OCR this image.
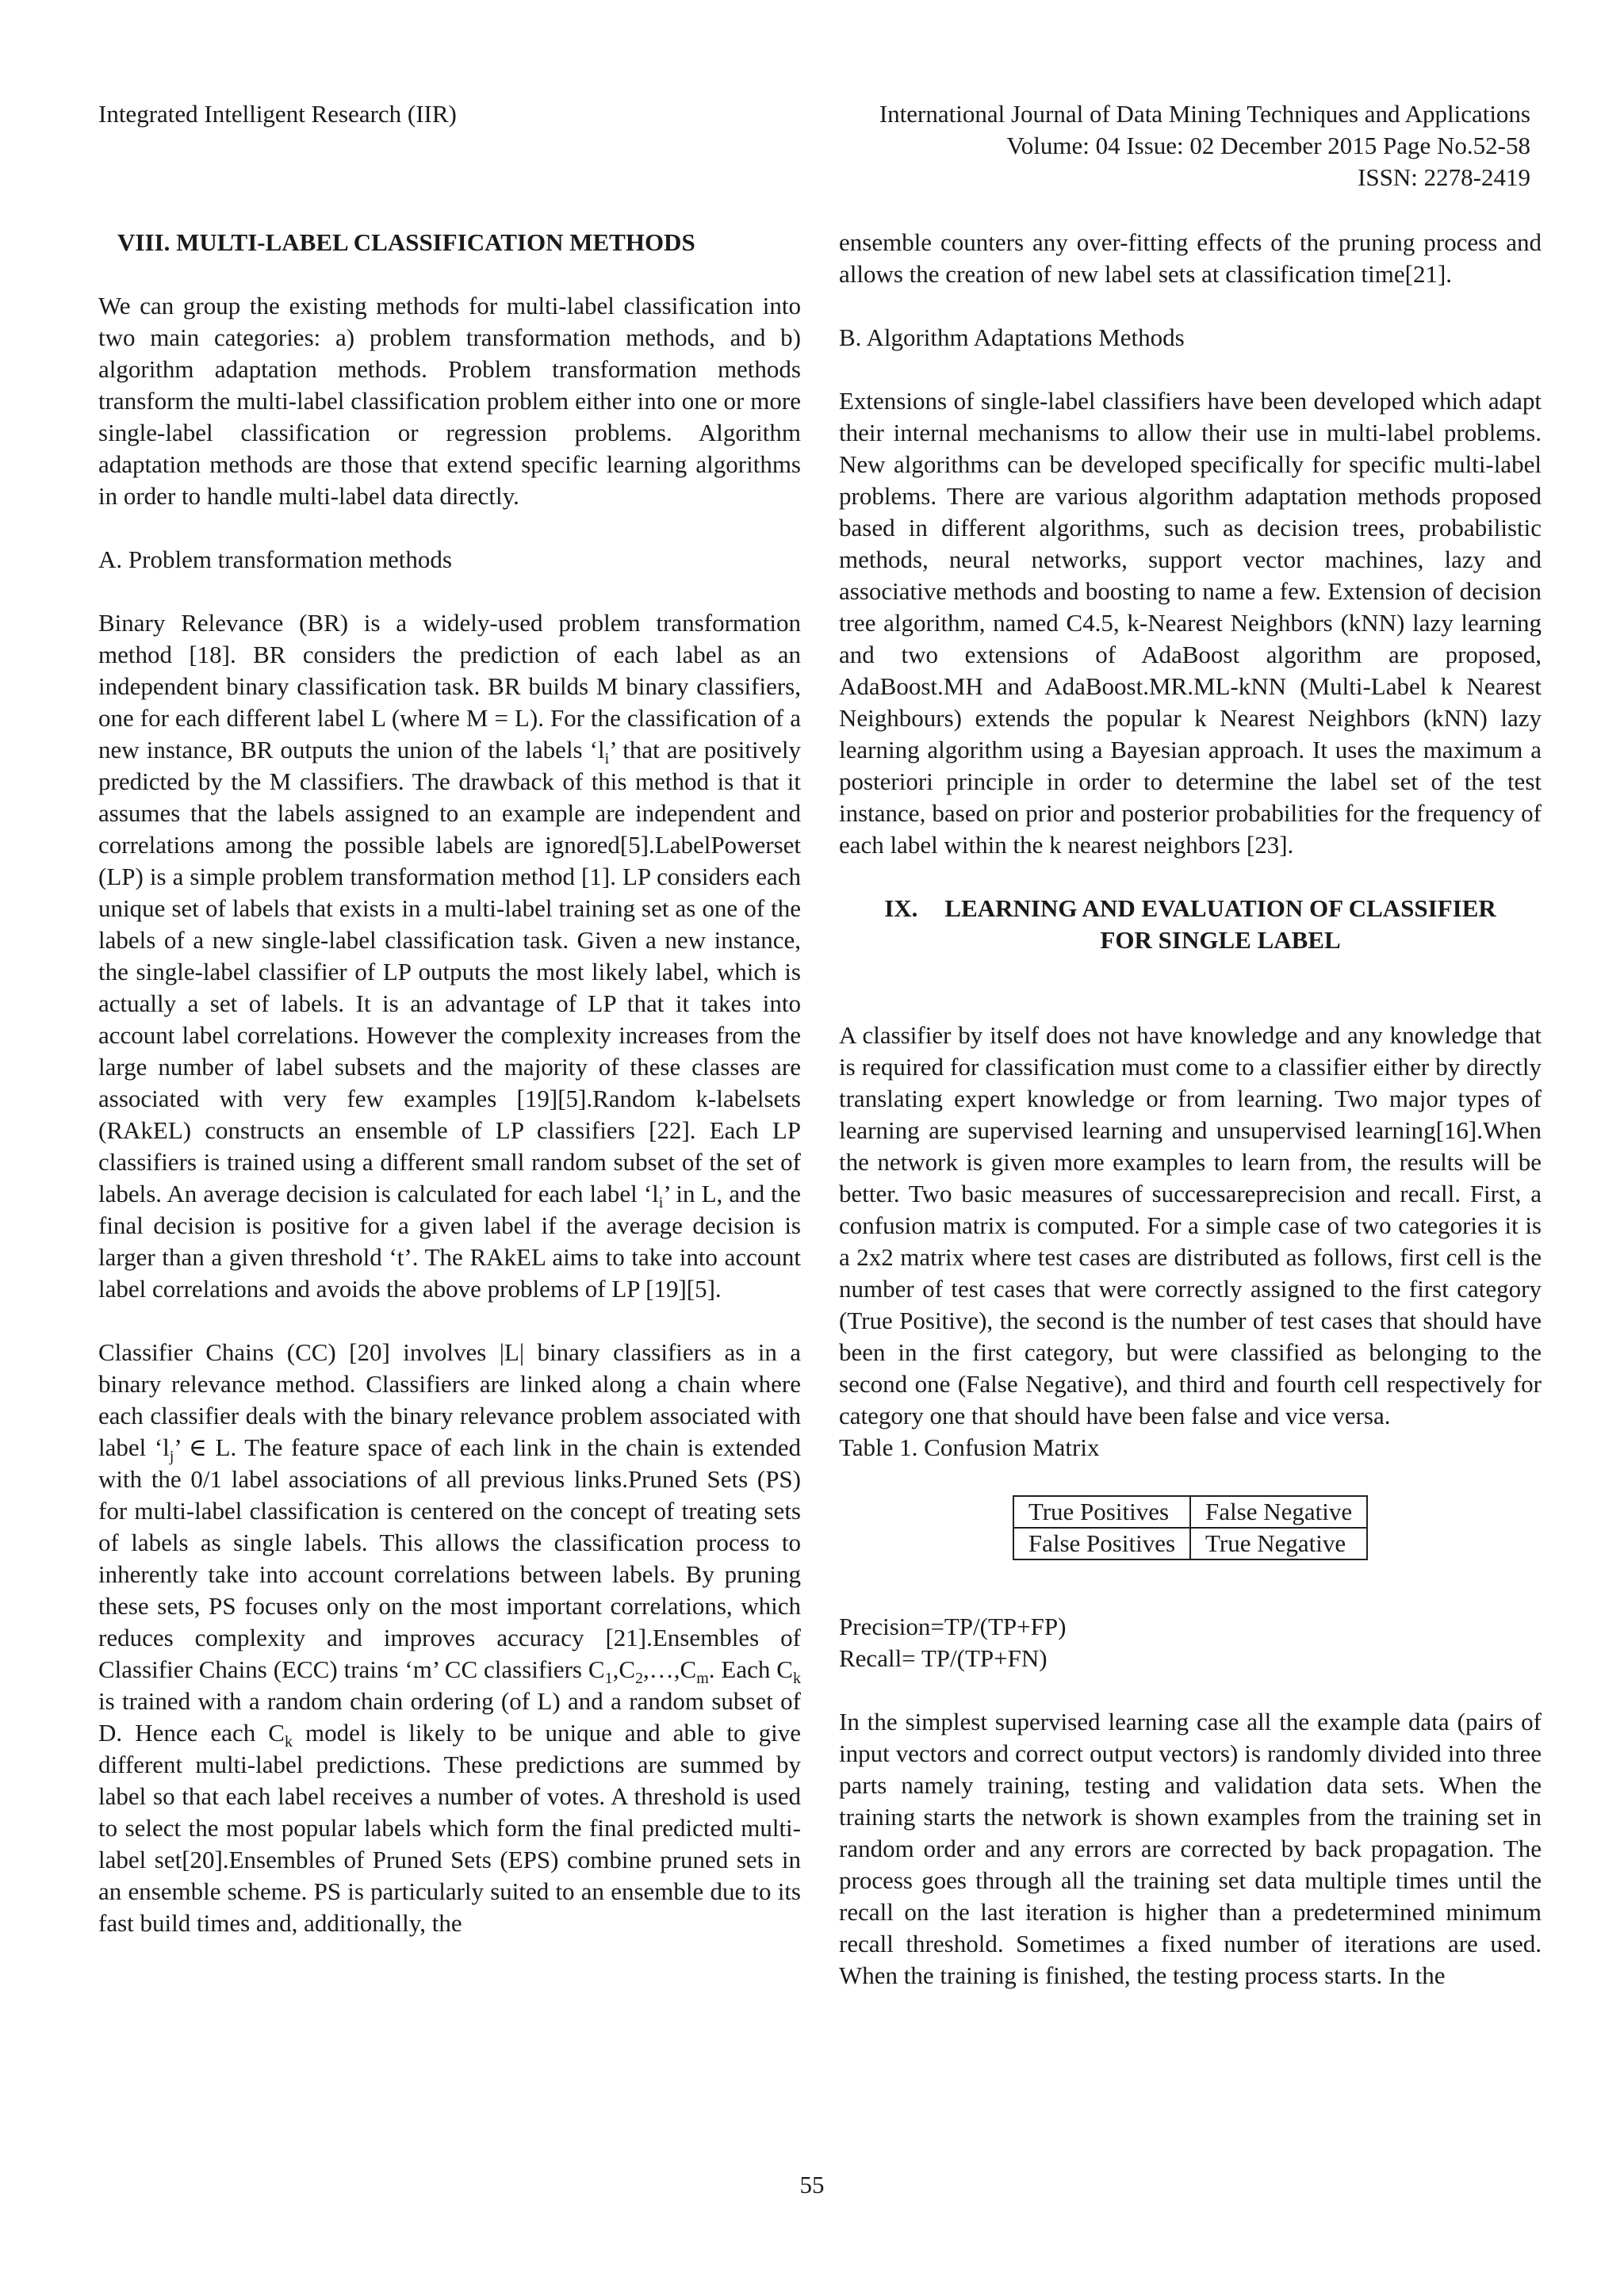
Integrated Intelligent Research (IIR)	International Journal of Data Mining Techniques and Applications
Volume: 04 Issue: 02 December 2015 Page No.52-58
ISSN: 2278-2419

VIII. MULTI-LABEL CLASSIFICATION METHODS

We can group the existing methods for multi-label classification into two main categories: a) problem transformation methods, and b) algorithm adaptation methods. Problem transformation methods transform the multi-label classification problem either into one or more single-label classification or regression problems. Algorithm adaptation methods are those that extend specific learning algorithms in order to handle multi-label data directly.

A. Problem transformation methods

Binary Relevance (BR) is a widely-used problem transformation method [18]. BR considers the prediction of each label as an independent binary classification task. BR builds M binary classifiers, one for each different label L (where M = L). For the classification of a new instance, BR outputs the union of the labels ‘$l_i$’ that are positively predicted by the M classifiers. The drawback of this method is that it assumes that the labels assigned to an example are independent and correlations among the possible labels are ignored[5].LabelPowerset (LP) is a simple problem transformation method [1]. LP considers each unique set of labels that exists in a multi-label training set as one of the labels of a new single-label classification task. Given a new instance, the single-label classifier of LP outputs the most likely label, which is actually a set of labels. It is an advantage of LP that it takes into account label correlations. However the complexity increases from the large number of label subsets and the majority of these classes are associated with very few examples [19][5].Random k-labelsets (RAkEL) constructs an ensemble of LP classifiers [22]. Each LP classifiers is trained using a different small random subset of the set of labels. An average decision is calculated for each label ‘$l_i$’ in L, and the final decision is positive for a given label if the average decision is larger than a given threshold ‘t’. The RAkEL aims to take into account label correlations and avoids the above problems of LP [19][5].

Classifier Chains (CC) [20] involves |L| binary classifiers as in a binary relevance method. Classifiers are linked along a chain where each classifier deals with the binary relevance problem associated with label ‘$l_j$’ ∈ L. The feature space of each link in the chain is extended with the 0/1 label associations of all previous links.Pruned Sets (PS) for multi-label classification is centered on the concept of treating sets of labels as single labels. This allows the classification process to inherently take into account correlations between labels. By pruning these sets, PS focuses only on the most important correlations, which reduces complexity and improves accuracy [21].Ensembles of Classifier Chains (ECC) trains ‘m’ CC classifiers $C_1,C_2,\dots,C_m$. Each $C_k$ is trained with a random chain ordering (of L) and a random subset of D. Hence each $C_k$ model is likely to be unique and able to give different multi-label predictions. These predictions are summed by label so that each label receives a number of votes. A threshold is used to select the most popular labels which form the final predicted multi-label set[20].Ensembles of Pruned Sets (EPS) combine pruned sets in an ensemble scheme. PS is particularly suited to an ensemble due to its fast build times and, additionally, the

ensemble counters any over-fitting effects of the pruning process and allows the creation of new label sets at classification time[21].

B. Algorithm Adaptations Methods

Extensions of single-label classifiers have been developed which adapt their internal mechanisms to allow their use in multi-label problems. New algorithms can be developed specifically for specific multi-label problems. There are various algorithm adaptation methods proposed based in different algorithms, such as decision trees, probabilistic methods, neural networks, support vector machines, lazy and associative methods and boosting to name a few. Extension of decision tree algorithm, named C4.5, k-Nearest Neighbors (kNN) lazy learning and two extensions of AdaBoost algorithm are proposed, AdaBoost.MH and AdaBoost.MR.ML-kNN (Multi-Label k Nearest Neighbours) extends the popular k Nearest Neighbors (kNN) lazy learning algorithm using a Bayesian approach. It uses the maximum a posteriori principle in order to determine the label set of the test instance, based on prior and posterior probabilities for the frequency of each label within the k nearest neighbors [23].

IX. LEARNING AND EVALUATION OF CLASSIFIER
FOR SINGLE LABEL

A classifier by itself does not have knowledge and any knowledge that is required for classification must come to a classifier either by directly translating expert knowledge or from learning. Two major types of learning are supervised learning and unsupervised learning[16].When the network is given more examples to learn from, the results will be better. Two basic measures of successareprecision and recall. First, a confusion matrix is computed. For a simple case of two categories it is a 2x2 matrix where test cases are distributed as follows, first cell is the number of test cases that were correctly assigned to the first category (True Positive), the second is the number of test cases that should have been in the first category, but were classified as belonging to the second one (False Negative), and third and fourth cell respectively for category one that should have been false and vice versa.

Table 1. Confusion Matrix

True Positives	False Negative
False Positives	True Negative

Precision=TP/(TP+FP)

Recall= TP/(TP+FN)

In the simplest supervised learning case all the example data (pairs of input vectors and correct output vectors) is randomly divided into three parts namely training, testing and validation data sets. When the training starts the network is shown examples from the training set in random order and any errors are corrected by back propagation. The process goes through all the training set data multiple times until the recall on the last iteration is higher than a predetermined minimum recall threshold. Sometimes a fixed number of iterations are used. When the training is finished, the testing process starts. In the

55
